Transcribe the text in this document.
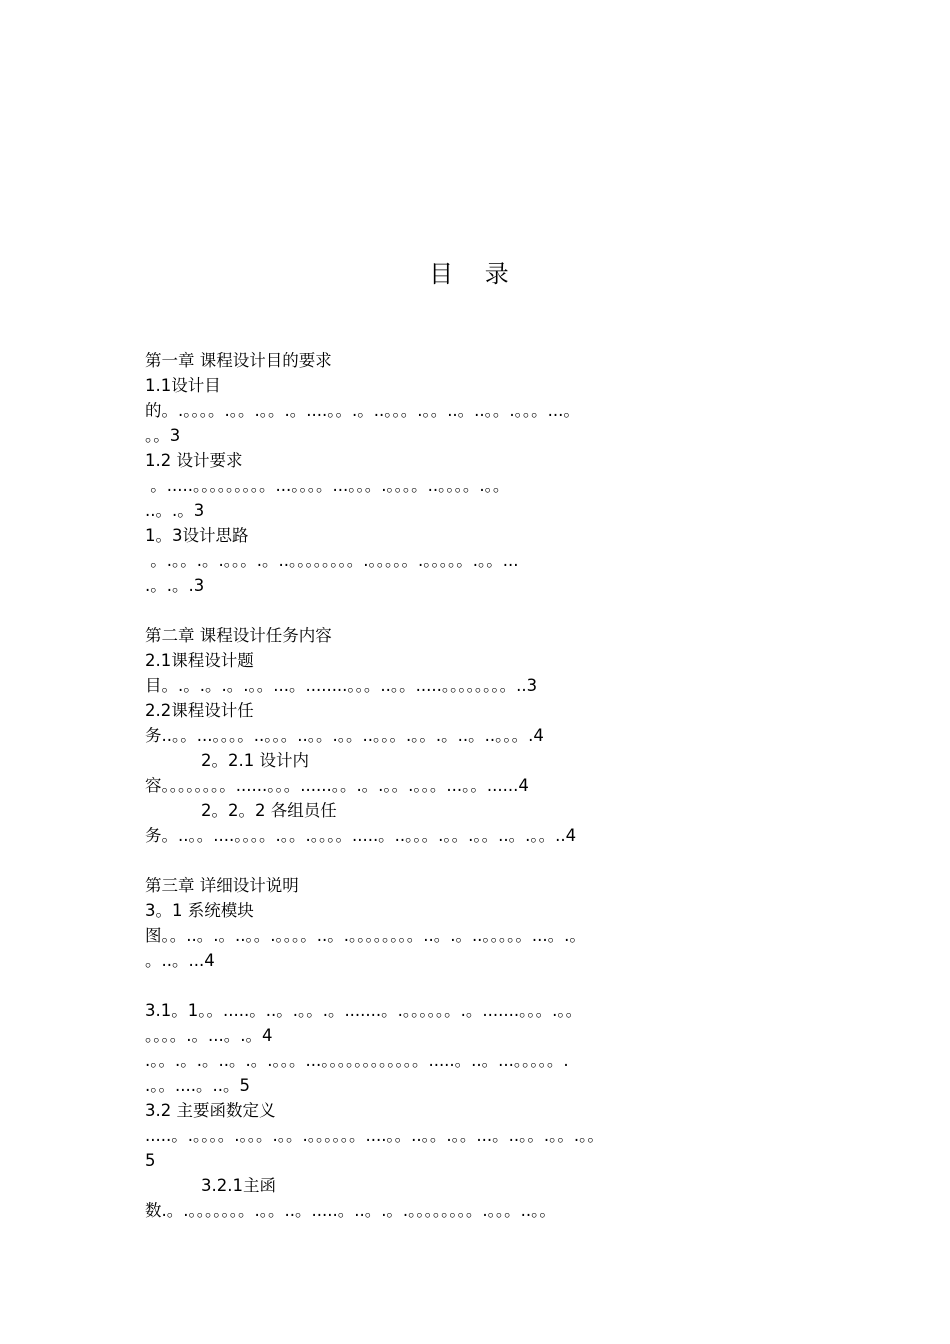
目 录
第一章 课程设计目的要求
1.1设计目
的。.。。。。.。。.。。.。....。。.。..。。。.。。..。..。。.。。。...。
。。3
1.2 设计要求
。.....。。。。。。。。。...。。。。...。。。.。。。。..。。。。.。。
..。.。3
1。3设计思路
。.。。.。.。。。.。..。。。。。。。。.。。。。。.。。。。。.。。...
.。.。.3
第二章 课程设计任务内容
2.1课程设计题
目。.。.。.。.。。...。........。。。..。。.....。。。。。。。。..3
2.2课程设计任
务..。。...。。。。..。。。..。。.。。..。。。.。。.。..。..。。。.4
2。2.1 设计内
容。。。。。。。。......。。。......。。.。.。。.。。。...。。......4
2。2。2 各组员任
务。..。。....。。。。.。。.。。。。.....。..。。。.。。.。。..。.。。..4
第三章 详细设计说明
3。1 系统模块
图。。..。.。..。。.。。。。..。.。。。。。。。。..。.。..。。。。。...。.。
。..。...4
3.1。1。。.....。..。.。。.。.......。.。。。。。。.。.......。。。.。。
。。。。.。...。.。4
.。。.。.。..。.。.。。。...。。。。。。。。。。。。.....。..。...。。。。。.
.。。....。..。5
3.2 主要函数定义
.....。.。。。。.。。。.。。.。。。。。。....。。..。。.。。...。..。。.。。.。。
5
3.2.1主函
数.。.。。。。。。。.。。..。.....。..。.。.。。。。。。。。.。。。..。。
